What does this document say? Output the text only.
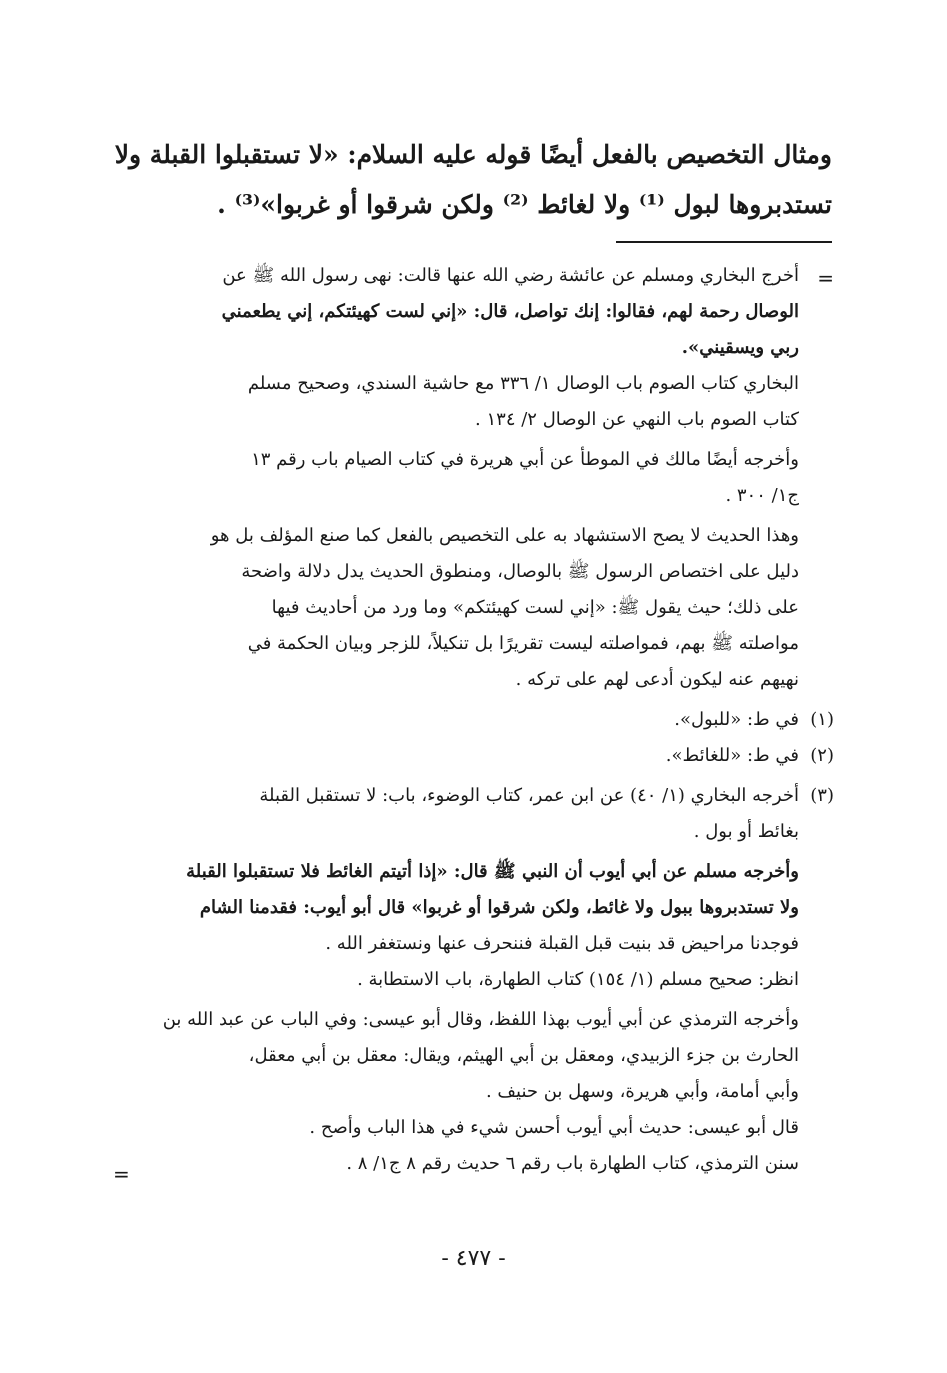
ومثال التخصيص بالفعل أيضًا قوله عليه السلام: «لا تستقبلوا القبلة ولا
تستدبروها لبول ⁽¹⁾ ولا لغائط ⁽²⁾ ولكن شرقوا أو غربوا»⁽³⁾ .
=
أخرج البخاري ومسلم عن عائشة رضي الله عنها قالت: نهى رسول الله ﷺ عن
الوصال رحمة لهم، فقالوا: إنك تواصل، قال: «إني لست كهيئتكم، إني يطعمني
ربي ويسقيني».
البخاري كتاب الصوم باب الوصال ١/ ٣٣٦ مع حاشية السندي، وصحيح مسلم
كتاب الصوم باب النهي عن الوصال ٢/ ١٣٤ .
وأخرجه أيضًا مالك في الموطأ عن أبي هريرة في كتاب الصيام باب رقم ١٣
ج١/ ٣٠٠ .
وهذا الحديث لا يصح الاستشهاد به على التخصيص بالفعل كما صنع المؤلف بل هو
دليل على اختصاص الرسول ﷺ بالوصال، ومنطوق الحديث يدل دلالة واضحة
على ذلك؛ حيث يقول ﷺ: «إني لست كهيئتكم» وما ورد من أحاديث فيها
مواصلته ﷺ بهم، فمواصلته ليست تقريرًا بل تنكيلاً، للزجر وبيان الحكمة في
نهيهم عنه ليكون أدعى لهم على تركه .
(١)
في ط: «للبول».
(٢)
في ط: «للغائط».
(٣)
أخرجه البخاري (١/ ٤٠) عن ابن عمر، كتاب الوضوء، باب: لا تستقبل القبلة
بغائط أو بول .
وأخرجه مسلم عن أبي أيوب أن النبي ﷺ قال: «إذا أتيتم الغائط فلا تستقبلوا القبلة
ولا تستدبروها ببول ولا غائط، ولكن شرقوا أو غربوا» قال أبو أيوب: فقدمنا الشام
فوجدنا مراحيض قد بنيت قبل القبلة فننحرف عنها ونستغفر الله .
انظر: صحيح مسلم (١/ ١٥٤) كتاب الطهارة، باب الاستطابة .
وأخرجه الترمذي عن أبي أيوب بهذا اللفظ، وقال أبو عيسى: وفي الباب عن عبد الله بن
الحارث بن جزء الزبيدي، ومعقل بن أبي الهيثم، ويقال: معقل بن أبي معقل،
وأبي أمامة، وأبي هريرة، وسهل بن حنيف .
قال أبو عيسى: حديث أبي أيوب أحسن شيء في هذا الباب وأصح .
سنن الترمذي، كتاب الطهارة باب رقم ٦ حديث رقم ٨ ج١/ ٨ .
=
- ٤٧٧ -
